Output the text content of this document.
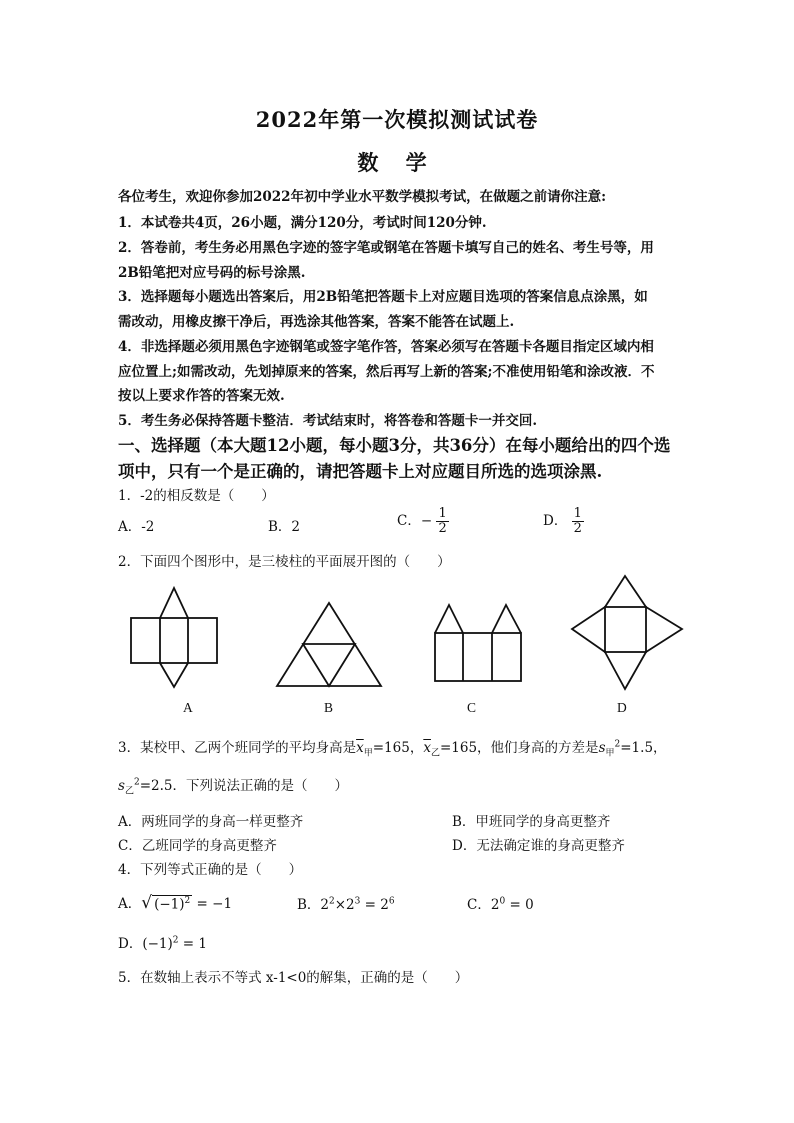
2022年第一次模拟测试试卷
数 学
各位考生，欢迎你参加2022年初中学业水平数学模拟考试，在做题之前请你注意:
1．本试卷共4页，26小题，满分120分，考试时间120分钟.
2．答卷前，考生务必用黑色字迹的签字笔或钢笔在答题卡填写自己的姓名、考生号等，用
2B铅笔把对应号码的标号涂黑.
3．选择题每小题选出答案后，用2B铅笔把答题卡上对应题目选项的答案信息点涂黑，如
需改动，用橡皮擦干净后，再选涂其他答案，答案不能答在试题上.
4．非选择题必须用黑色字迹钢笔或签字笔作答，答案必须写在答题卡各题目指定区域内相
应位置上;如需改动，先划掉原来的答案，然后再写上新的答案;不准使用铅笔和涂改液．不
按以上要求作答的答案无效.
5．考生务必保持答题卡整洁．考试结束时，将答卷和答题卡一并交回.
一、选择题（本大题12小题，每小题3分，共36分）在每小题给出的四个选
项中，只有一个是正确的，请把答题卡上对应题目所选的选项涂黑.
1．-2的相反数是（　　）
A．-2	B．2	C．− $\frac{1}{2}$	D． $\frac{1}{2}$
2．下面四个图形中，是三棱柱的平面展开图的（　　）
A	B	C	D
3．某校甲、乙两个班同学的平均身高是$\overline{x}_甲=165$，$\overline{x}_乙=165$，他们身高的方差是$s_甲^2=1.5$，
$s_乙^2=2.5$．下列说法正确的是（　　）
A．两班同学的身高一样更整齐	B．甲班同学的身高更整齐
C．乙班同学的身高更整齐	D．无法确定谁的身高更整齐
4．下列等式正确的是（　　）
A．√ $(-1)^2 = -1$	B．$2^2\times 2^3 = 2^6$	C．$2^0 = 0$
D．$(-1)^2 = 1$
5．在数轴上表示不等式 x-1<0的解集，正确的是（　　）
